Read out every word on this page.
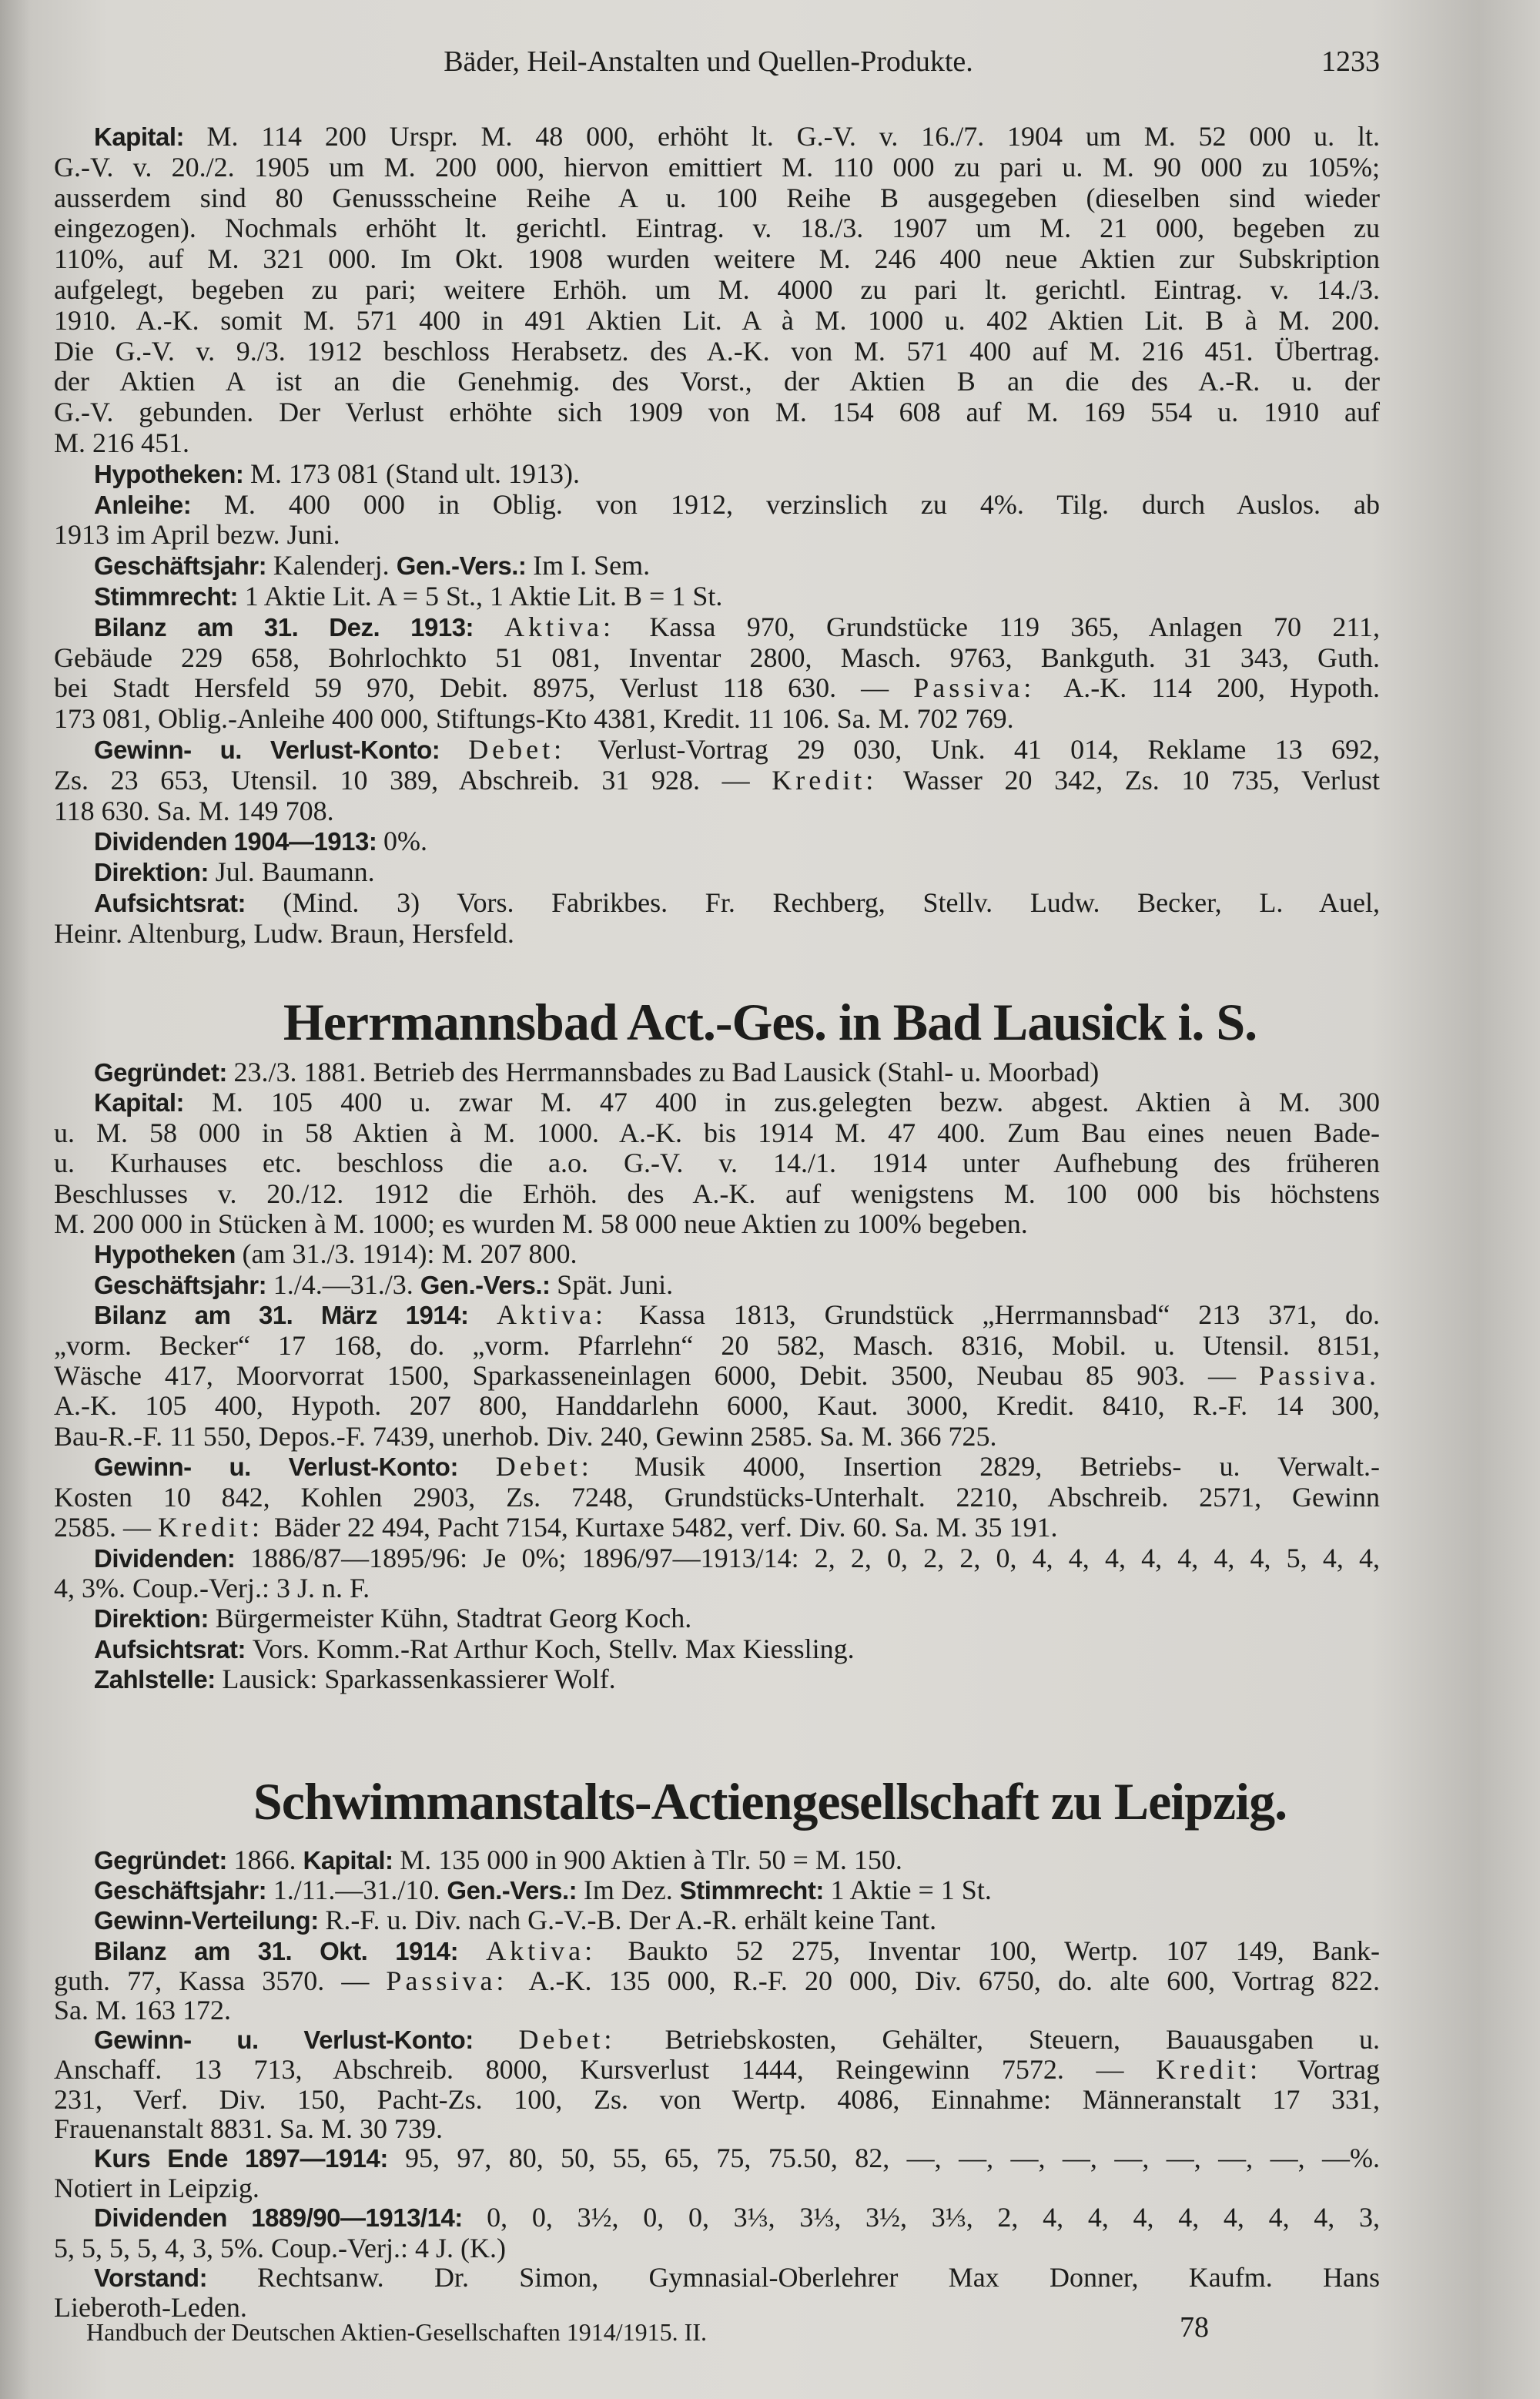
Bäder, Heil-Anstalten und Quellen-Produkte.	1233
Kapital: M. 114 200 Urspr. M. 48 000, erhöht lt. G.-V. v. 16./7. 1904 um M. 52 000 u. lt.
G.-V. v. 20./2. 1905 um M. 200 000, hiervon emittiert M. 110 000 zu pari u. M. 90 000 zu 105%;
ausserdem sind 80 Genussscheine Reihe A u. 100 Reihe B ausgegeben (dieselben sind wieder
eingezogen). Nochmals erhöht lt. gerichtl. Eintrag. v. 18./3. 1907 um M. 21 000, begeben zu
110%, auf M. 321 000. Im Okt. 1908 wurden weitere M. 246 400 neue Aktien zur Subskription
aufgelegt, begeben zu pari; weitere Erhöh. um M. 4000 zu pari lt. gerichtl. Eintrag. v. 14./3.
1910. A.-K. somit M. 571 400 in 491 Aktien Lit. A à M. 1000 u. 402 Aktien Lit. B à M. 200.
Die G.-V. v. 9./3. 1912 beschloss Herabsetz. des A.-K. von M. 571 400 auf M. 216 451. Übertrag.
der Aktien A ist an die Genehmig. des Vorst., der Aktien B an die des A.-R. u. der
G.-V. gebunden. Der Verlust erhöhte sich 1909 von M. 154 608 auf M. 169 554 u. 1910 auf
M. 216 451.
Hypotheken: M. 173 081 (Stand ult. 1913).
Anleihe: M. 400 000 in Oblig. von 1912, verzinslich zu 4%. Tilg. durch Auslos. ab
1913 im April bezw. Juni.
Geschäftsjahr: Kalenderj. Gen.-Vers.: Im I. Sem.
Stimmrecht: 1 Aktie Lit. A = 5 St., 1 Aktie Lit. B = 1 St.
Bilanz am 31. Dez. 1913: Aktiva: Kassa 970, Grundstücke 119 365, Anlagen 70 211,
Gebäude 229 658, Bohrlochkto 51 081, Inventar 2800, Masch. 9763, Bankguth. 31 343, Guth.
bei Stadt Hersfeld 59 970, Debit. 8975, Verlust 118 630. — Passiva: A.-K. 114 200, Hypoth.
173 081, Oblig.-Anleihe 400 000, Stiftungs-Kto 4381, Kredit. 11 106. Sa. M. 702 769.
Gewinn- u. Verlust-Konto: Debet: Verlust-Vortrag 29 030, Unk. 41 014, Reklame 13 692,
Zs. 23 653, Utensil. 10 389, Abschreib. 31 928. — Kredit: Wasser 20 342, Zs. 10 735, Verlust
118 630. Sa. M. 149 708.
Dividenden 1904—1913: 0%.
Direktion: Jul. Baumann.
Aufsichtsrat: (Mind. 3) Vors. Fabrikbes. Fr. Rechberg, Stellv. Ludw. Becker, L. Auel,
Heinr. Altenburg, Ludw. Braun, Hersfeld.
Herrmannsbad Act.-Ges. in Bad Lausick i. S.
Gegründet: 23./3. 1881. Betrieb des Herrmannsbades zu Bad Lausick (Stahl- u. Moorbad)
Kapital: M. 105 400 u. zwar M. 47 400 in zus.gelegten bezw. abgest. Aktien à M. 300
u. M. 58 000 in 58 Aktien à M. 1000. A.-K. bis 1914 M. 47 400. Zum Bau eines neuen Bade-
u. Kurhauses etc. beschloss die a.o. G.-V. v. 14./1. 1914 unter Aufhebung des früheren
Beschlusses v. 20./12. 1912 die Erhöh. des A.-K. auf wenigstens M. 100 000 bis höchstens
M. 200 000 in Stücken à M. 1000; es wurden M. 58 000 neue Aktien zu 100% begeben.
Hypotheken (am 31./3. 1914): M. 207 800.
Geschäftsjahr: 1./4.—31./3. Gen.-Vers.: Spät. Juni.
Bilanz am 31. März 1914: Aktiva: Kassa 1813, Grundstück „Herrmannsbad“ 213 371, do.
„vorm. Becker“ 17 168, do. „vorm. Pfarrlehn“ 20 582, Masch. 8316, Mobil. u. Utensil. 8151,
Wäsche 417, Moorvorrat 1500, Sparkasseneinlagen 6000, Debit. 3500, Neubau 85 903. — Passiva.
A.-K. 105 400, Hypoth. 207 800, Handdarlehn 6000, Kaut. 3000, Kredit. 8410, R.-F. 14 300,
Bau-R.-F. 11 550, Depos.-F. 7439, unerhob. Div. 240, Gewinn 2585. Sa. M. 366 725.
Gewinn- u. Verlust-Konto: Debet: Musik 4000, Insertion 2829, Betriebs- u. Verwalt.-
Kosten 10 842, Kohlen 2903, Zs. 7248, Grundstücks-Unterhalt. 2210, Abschreib. 2571, Gewinn
2585. — Kredit: Bäder 22 494, Pacht 7154, Kurtaxe 5482, verf. Div. 60. Sa. M. 35 191.
Dividenden: 1886/87—1895/96: Je 0%; 1896/97—1913/14: 2, 2, 0, 2, 2, 0, 4, 4, 4, 4, 4, 4, 4, 5, 4, 4,
4, 3%. Coup.-Verj.: 3 J. n. F.
Direktion: Bürgermeister Kühn, Stadtrat Georg Koch.
Aufsichtsrat: Vors. Komm.-Rat Arthur Koch, Stellv. Max Kiessling.
Zahlstelle: Lausick: Sparkassenkassierer Wolf.
Schwimmanstalts-Actiengesellschaft zu Leipzig.
Gegründet: 1866. Kapital: M. 135 000 in 900 Aktien à Tlr. 50 = M. 150.
Geschäftsjahr: 1./11.—31./10. Gen.-Vers.: Im Dez. Stimmrecht: 1 Aktie = 1 St.
Gewinn-Verteilung: R.-F. u. Div. nach G.-V.-B. Der A.-R. erhält keine Tant.
Bilanz am 31. Okt. 1914: Aktiva: Baukto 52 275, Inventar 100, Wertp. 107 149, Bank-
guth. 77, Kassa 3570. — Passiva: A.-K. 135 000, R.-F. 20 000, Div. 6750, do. alte 600, Vortrag 822.
Sa. M. 163 172.
Gewinn- u. Verlust-Konto: Debet: Betriebskosten, Gehälter, Steuern, Bauausgaben u.
Anschaff. 13 713, Abschreib. 8000, Kursverlust 1444, Reingewinn 7572. — Kredit: Vortrag
231, Verf. Div. 150, Pacht-Zs. 100, Zs. von Wertp. 4086, Einnahme: Männeranstalt 17 331,
Frauenanstalt 8831. Sa. M. 30 739.
Kurs Ende 1897—1914: 95, 97, 80, 50, 55, 65, 75, 75.50, 82, —, —, —, —, —, —, —, —, —%.
Notiert in Leipzig.
Dividenden 1889/90—1913/14: 0, 0, 3½, 0, 0, 3⅓, 3⅓, 3½, 3⅓, 2, 4, 4, 4, 4, 4, 4, 4, 3,
5, 5, 5, 5, 4, 3, 5%. Coup.-Verj.: 4 J. (K.)
Vorstand: Rechtsanw. Dr. Simon, Gymnasial-Oberlehrer Max Donner, Kaufm. Hans
Lieberoth-Leden.
Handbuch der Deutschen Aktien-Gesellschaften 1914/1915. II.	78
